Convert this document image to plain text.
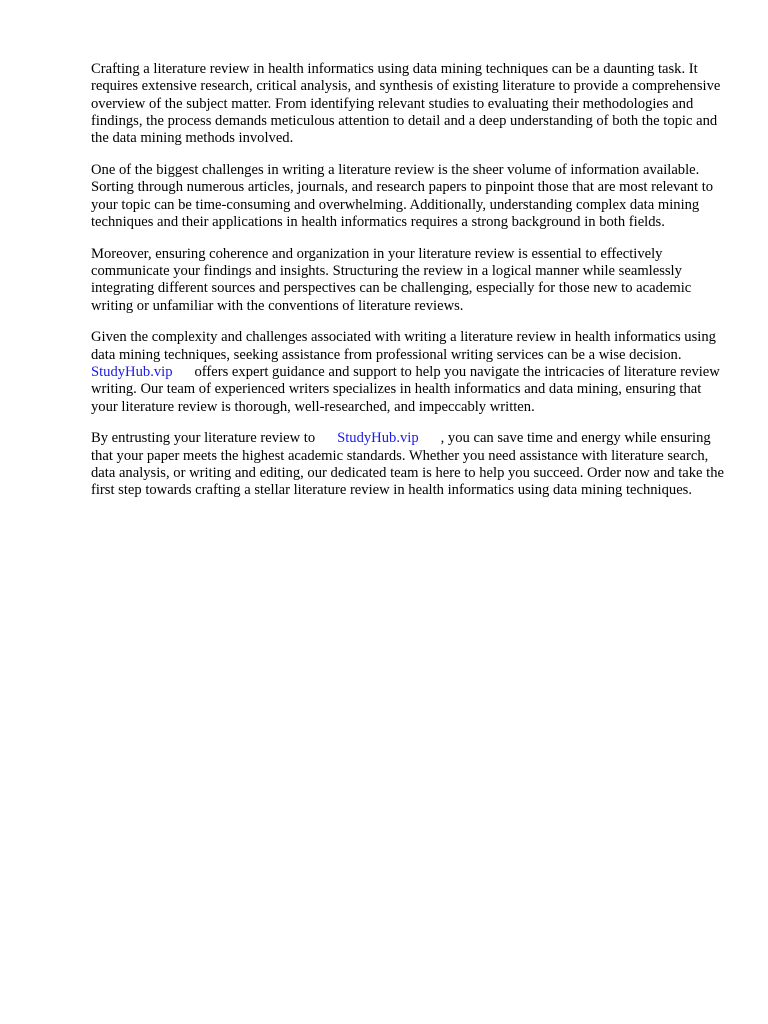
Crafting a literature review in health informatics using data mining techniques can be a daunting task. It requires extensive research, critical analysis, and synthesis of existing literature to provide a comprehensive overview of the subject matter. From identifying relevant studies to evaluating their methodologies and findings, the process demands meticulous attention to detail and a deep understanding of both the topic and the data mining methods involved.

One of the biggest challenges in writing a literature review is the sheer volume of information available. Sorting through numerous articles, journals, and research papers to pinpoint those that are most relevant to your topic can be time-consuming and overwhelming. Additionally, understanding complex data mining techniques and their applications in health informatics requires a strong background in both fields.

Moreover, ensuring coherence and organization in your literature review is essential to effectively communicate your findings and insights. Structuring the review in a logical manner while seamlessly integrating different sources and perspectives can be challenging, especially for those new to academic writing or unfamiliar with the conventions of literature reviews.

Given the complexity and challenges associated with writing a literature review in health informatics using data mining techniques, seeking assistance from professional writing services can be a wise decision.StudyHub.vip offers expert guidance and support to help you navigate the intricacies of literature review writing. Our team of experienced writers specializes in health informatics and data mining, ensuring that your literature review is thorough, well-researched, and impeccably written.

By entrusting your literature review to StudyHub.vip , you can save time and energy while ensuring that your paper meets the highest academic standards. Whether you need assistance with literature search, data analysis, or writing and editing, our dedicated team is here to help you succeed. Order now and take the first step towards crafting a stellar literature review in health informatics using data mining techniques.
